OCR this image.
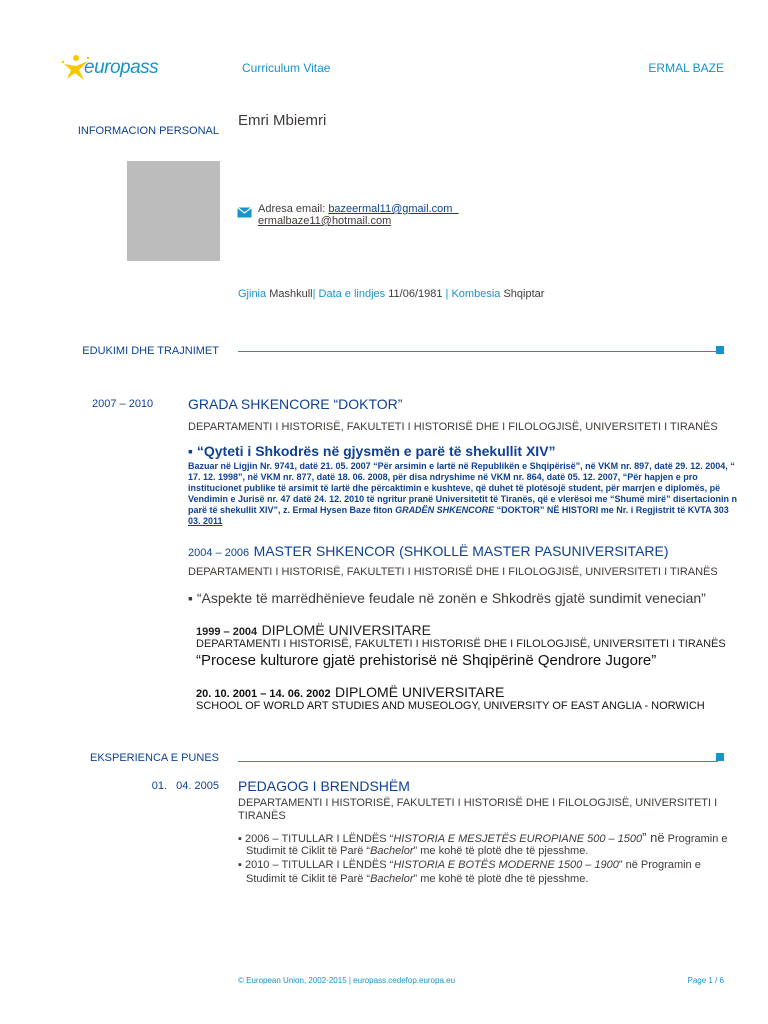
europass	Curriculum Vitae	ERMAL BAZE
INFORMACION PERSONAL
Emri Mbiemri
Adresa email: bazeermal11@gmail.com
ermalbaze11@hotmail.com
Gjinia Mashkull| Data e lindjes 11/06/1981 | Kombesia Shqiptar
EDUKIMI DHE TRAJNIMET
2007 – 2010 GRADA SHKENCORE “DOKTOR”
DEPARTAMENTI I HISTORISË, FAKULTETI I HISTORISË DHE I FILOLOGJISË, UNIVERSITETI I TIRANËS
▪ “Qyteti i Shkodrës në gjysmën e parë të shekullit XIV”
Bazuar në Ligjin Nr. 9741, datë 21. 05. 2007 “Për arsimin e lartë në Republikën e Shqipërisë”, në VKM nr. 897, datë 29. 12. 2004, “
17. 12. 1998”, në VKM nr. 877, datë 18. 06. 2008, për disa ndryshime në VKM nr. 864, datë 05. 12. 2007, “Për hapjen e pro
institucionet publike të arsimit të lartë dhe përcaktimin e kushteve, që duhet të plotësojë student, për marrjen e diplomës, pë
Vendimin e Jurisë nr. 47 datë 24. 12. 2010 të ngritur pranë Universitetit të Tiranës, që e vlerësoi me “Shumë mirë” disertacionin n
parë të shekullit XIV”, z. Ermal Hysen Baze fiton GRADËN SHKENCORE “DOKTOR” NË HISTORI me Nr. i Regjistrit të KVTA 303
03. 2011
2004 – 2006 MASTER SHKENCOR (SHKOLLË MASTER PASUNIVERSITARE)
DEPARTAMENTI I HISTORISË, FAKULTETI I HISTORISË DHE I FILOLOGJISË, UNIVERSITETI I TIRANËS
▪ “Aspekte të marrëdhënieve feudale në zonën e Shkodrës gjatë sundimit venecian”
1999 – 2004 DIPLOMË UNIVERSITARE
DEPARTAMENTI I HISTORISË, FAKULTETI I HISTORISË DHE I FILOLOGJISË, UNIVERSITETI I TIRANËS
“Procese kulturore gjatë prehistorisë në Shqipërinë Qendrore Jugore”
20. 10. 2001 – 14. 06. 2002 DIPLOMË UNIVERSITARE
SCHOOL OF WORLD ART STUDIES AND MUSEOLOGY, UNIVERSITY OF EAST ANGLIA - NORWICH
EKSPERIENCA E PUNES
01.   04. 2005 PEDAGOG I BRENDSHËM
DEPARTAMENTI I HISTORISË, FAKULTETI I HISTORISË DHE I FILOLOGJISË, UNIVERSITETI I
TIRANËS
▪ 2006 – TITULLAR I LËNDËS “HISTORIA E MESJETËS EUROPIANE 500 – 1500” në Programin e
Studimit të Ciklit të Parë “Bachelor” me kohë të plotë dhe të pjesshme.
▪ 2010 – TITULLAR I LËNDËS “HISTORIA E BOTËS MODERNE 1500 – 1900” në Programin e
Studimit të Ciklit të Parë “Bachelor” me kohë të plotë dhe të pjesshme.
© European Union, 2002-2015 | europass.cedefop.europa.eu	Page 1 / 6
